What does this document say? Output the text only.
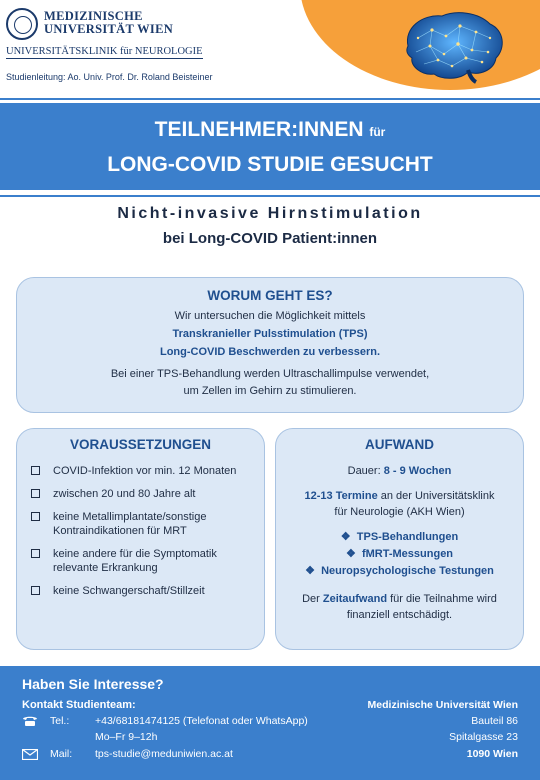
MEDIZINISCHE
UNIVERSITÄT WIEN
UNIVERSITÄTSKLINIK für NEUROLOGIE
Studienleitung: Ao. Univ. Prof. Dr. Roland Beisteiner
TEILNEHMER:INNEN für
LONG-COVID STUDIE GESUCHT
Nicht-invasive Hirnstimulation
bei Long-COVID Patient:innen
WORUM GEHT ES?

Wir untersuchen die Möglichkeit mittels

Transkranieller Pulsstimulation (TPS)

Long-COVID Beschwerden zu verbessern.

Bei einer TPS-Behandlung werden Ultraschallimpulse verwendet,

um Zellen im Gehirn zu stimulieren.

VORAUSSETZUNGEN
COVID-Infektion vor min. 12 Monaten
zwischen 20 und 80 Jahre alt
keine Metallimplantate/sonstige Kontraindikationen für MRT
keine andere für die Symptomatik relevante Erkrankung
keine Schwangerschaft/Stillzeit
AUFWAND
Dauer: 8 - 9 Wochen
12-13 Termine an der Universitätsklink
für Neurologie (AKH Wien)
❖ TPS-Behandlungen
❖ fMRT-Messungen
❖ Neuropsychologische Testungen
Der Zeitaufwand für die Teilnahme wird
finanziell entschädigt.
Haben Sie Interesse?
Kontakt Studienteam:
Tel.: +43/68181474125 (Telefonat oder WhatsApp)
Mo–Fr 9–12h
Mail: tps-studie@meduniwien.ac.at
Medizinische Universität Wien
Bauteil 86
Spitalgasse 23
1090 Wien
